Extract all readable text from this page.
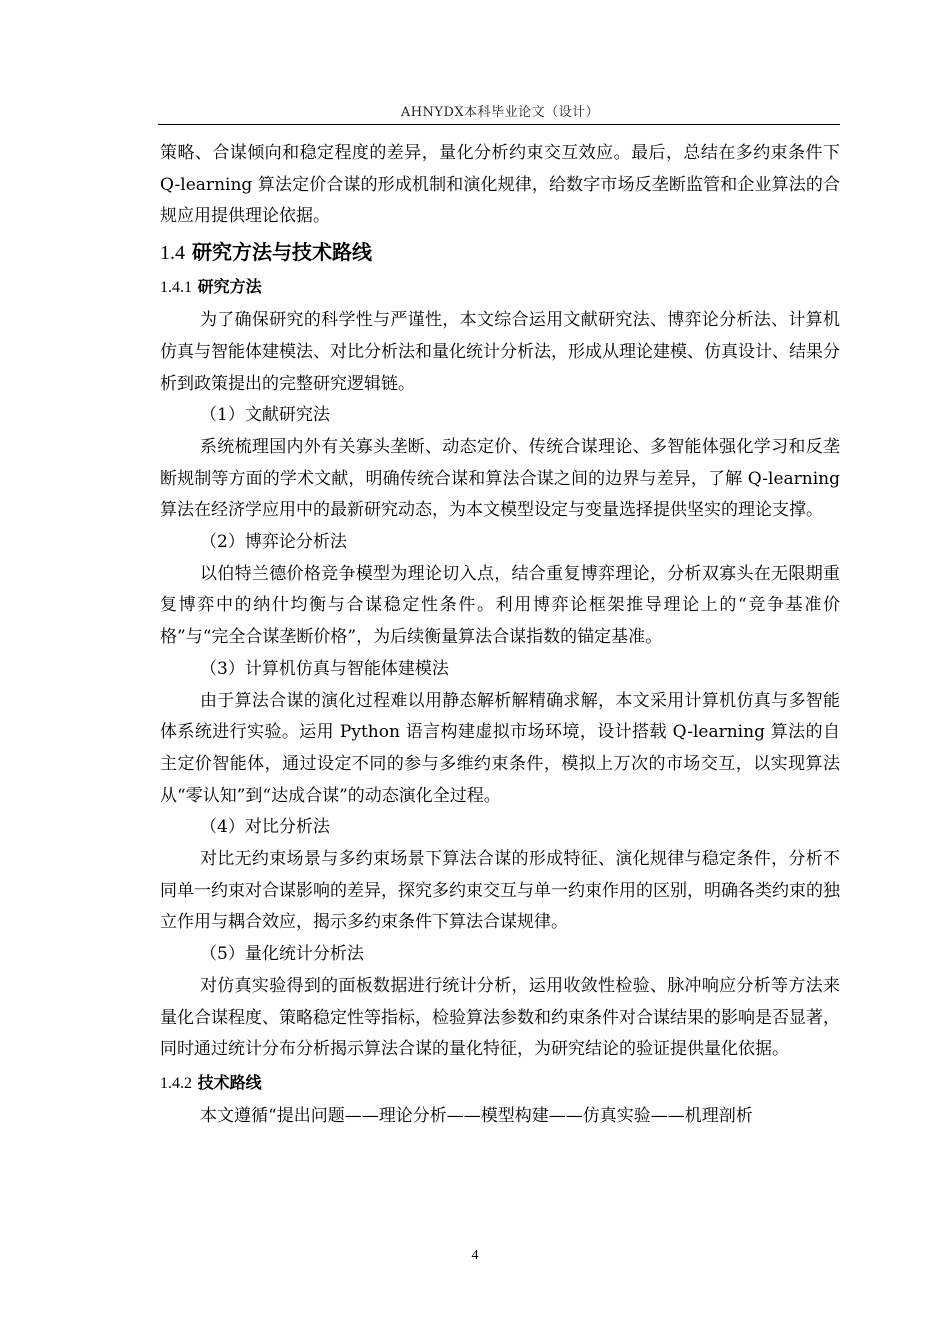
AHNYDX本科毕业论文（设计）

策略、合谋倾向和稳定程度的差异，量化分析约束交互效应。最后，总结在多约束条件下 Q-learning 算法定价合谋的形成机制和演化规律，给数字市场反垄断监管和企业算法的合规应用提供理论依据。

1.4 研究方法与技术路线
1.4.1 研究方法

为了确保研究的科学性与严谨性，本文综合运用文献研究法、博弈论分析法、计算机仿真与智能体建模法、对比分析法和量化统计分析法，形成从理论建模、仿真设计、结果分析到政策提出的完整研究逻辑链。

（1）文献研究法

系统梳理国内外有关寡头垄断、动态定价、传统合谋理论、多智能体强化学习和反垄断规制等方面的学术文献，明确传统合谋和算法合谋之间的边界与差异，了解 Q-learning 算法在经济学应用中的最新研究动态，为本文模型设定与变量选择提供坚实的理论支撑。

（2）博弈论分析法

以伯特兰德价格竞争模型为理论切入点，结合重复博弈理论，分析双寡头在无限期重复博弈中的纳什均衡与合谋稳定性条件。利用博弈论框架推导理论上的“竞争基准价格”与“完全合谋垄断价格”，为后续衡量算法合谋指数的锚定基准。

（3）计算机仿真与智能体建模法

由于算法合谋的演化过程难以用静态解析解精确求解，本文采用计算机仿真与多智能体系统进行实验。运用 Python 语言构建虚拟市场环境，设计搭载 Q-learning 算法的自主定价智能体，通过设定不同的参与多维约束条件，模拟上万次的市场交互，以实现算法从“零认知”到“达成合谋”的动态演化全过程。

（4）对比分析法

对比无约束场景与多约束场景下算法合谋的形成特征、演化规律与稳定条件，分析不同单一约束对合谋影响的差异，探究多约束交互与单一约束作用的区别，明确各类约束的独立作用与耦合效应，揭示多约束条件下算法合谋规律。

（5）量化统计分析法

对仿真实验得到的面板数据进行统计分析，运用收敛性检验、脉冲响应分析等方法来量化合谋程度、策略稳定性等指标，检验算法参数和约束条件对合谋结果的影响是否显著，同时通过统计分布分析揭示算法合谋的量化特征，为研究结论的验证提供量化依据。

1.4.2 技术路线

本文遵循“提出问题——理论分析——模型构建——仿真实验——机理剖析

4
